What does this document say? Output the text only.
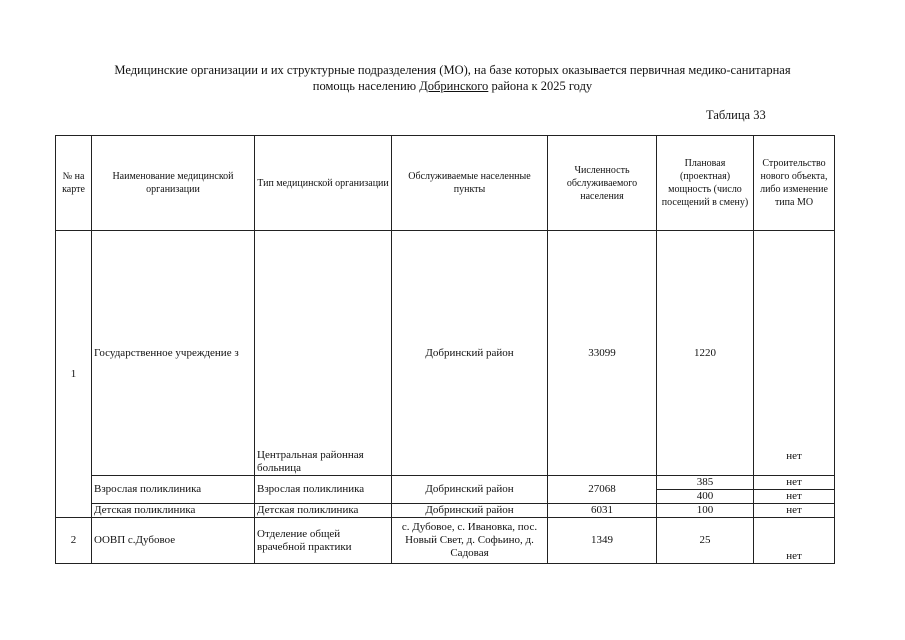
Медицинские организации и их структурные подразделения (МО), на базе которых оказывается первичная медико-санитарная
помощь населению Добринского района к 2025 году
Таблица 33
№ на карте	Наименование медицинской организации	Тип медицинской организации	Обслуживаемые населенные пункты	Численность обслуживаемого населения	Плановая (проектная) мощность (число посещений в смену)	Строительство нового объекта, либо изменение типа МО
1	Государственное учреждение з	Центральная районная больница	Добринский район	33099	1220	нет
	Взрослая поликлиника	Взрослая поликлиника	Добринский район	27068	385	нет
					400	нет
	Детская поликлиника	Детская поликлиника	Добринский район	6031	100	нет
2	ООВП с.Дубовое	Отделение общей врачебной практики	с. Дубовое, с. Ивановка, пос. Новый Свет, д. Софьино, д. Садовая	1349	25	нет
